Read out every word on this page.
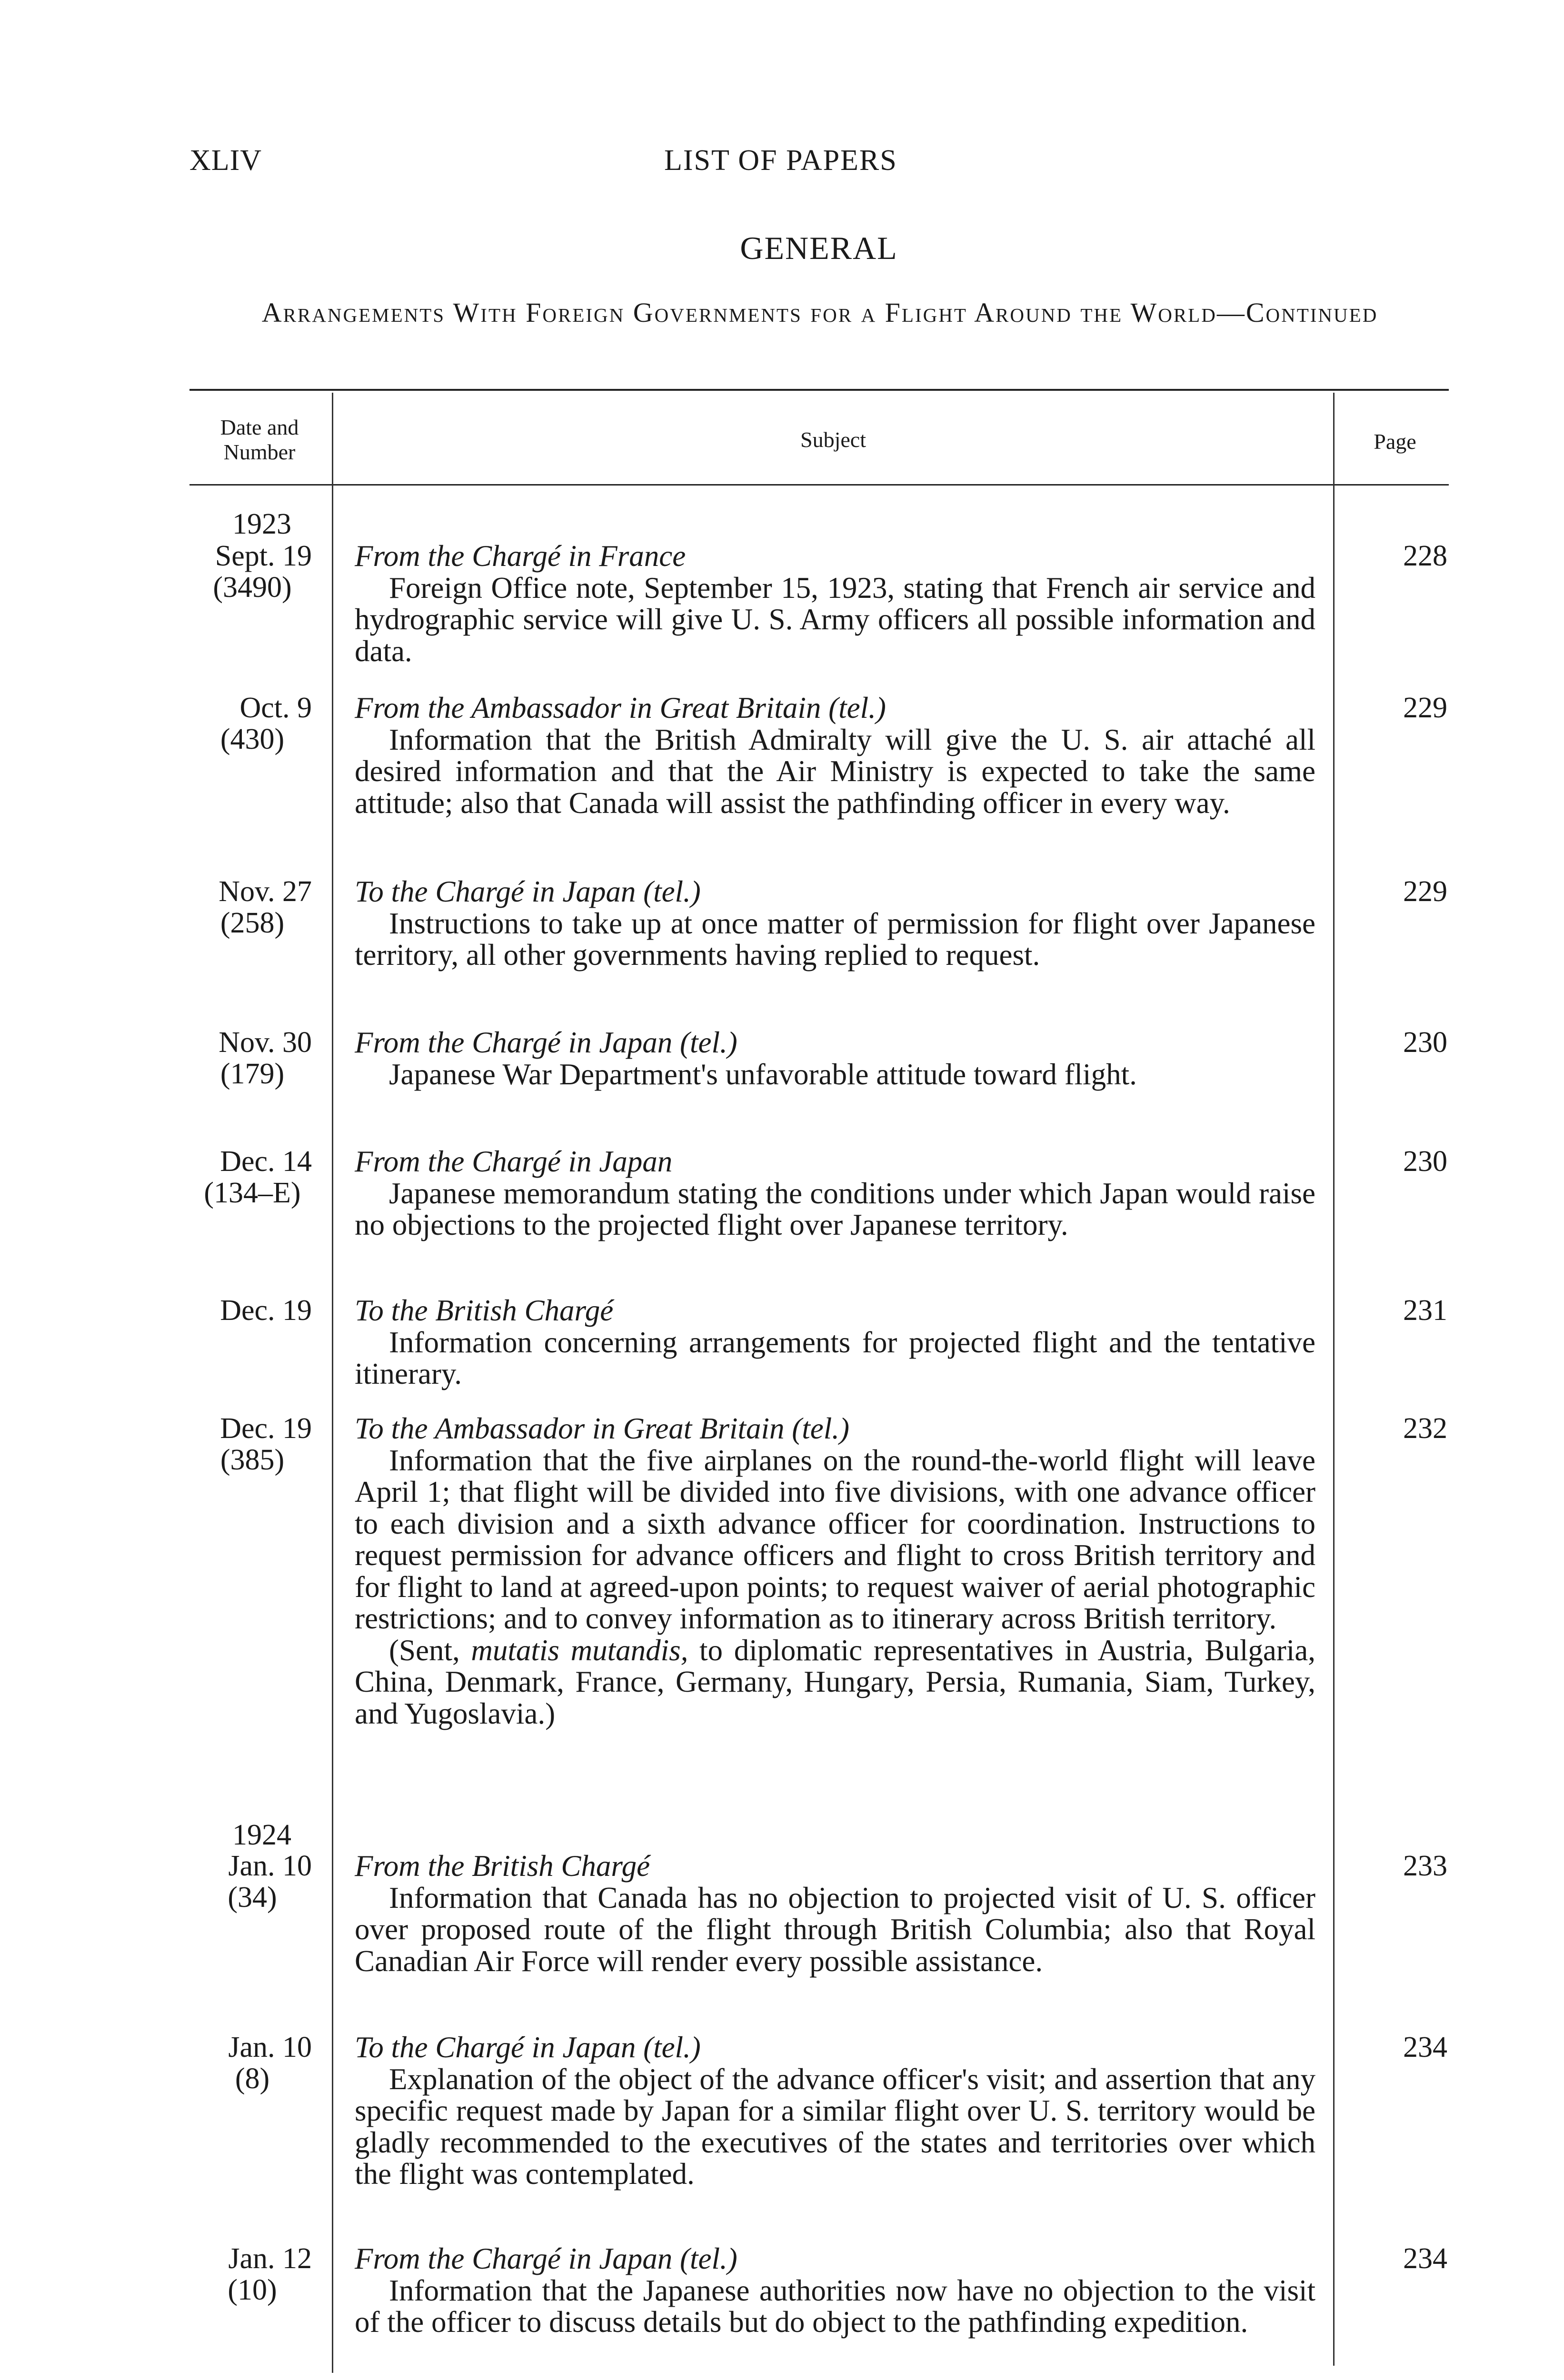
XLIV	LIST OF PAPERS
GENERAL
Arrangements With Foreign Governments for a Flight Around the World—Continued
Date and
Number
Subject	Page
1923
1924
Sept. 19
(3490)
From the Chargé in France
Foreign Office note, September 15, 1923, stating that French air service and hydrographic service will give U. S. Army officers all possible information and data.
228
Oct. 9
(430)
From the Ambassador in Great Britain (tel.)
Information that the British Admiralty will give the U. S. air attaché all desired information and that the Air Ministry is expected to take the same attitude; also that Canada will assist the pathfinding officer in every way.
229
Nov. 27
(258)
To the Chargé in Japan (tel.)
Instructions to take up at once matter of permission for flight over Japanese territory, all other governments having replied to request.
229
Nov. 30
(179)
From the Chargé in Japan (tel.)
Japanese War Department's unfavorable attitude toward flight.
230
Dec. 14
(134–E)
From the Chargé in Japan
Japanese memorandum stating the conditions under which Japan would raise no objections to the projected flight over Japanese territory.
230
Dec. 19 To the British Chargé
Information concerning arrangements for projected flight and the tentative itinerary.
231
Dec. 19
(385)
To the Ambassador in Great Britain (tel.)
Information that the five airplanes on the round-the-world flight will leave April 1; that flight will be divided into five divisions, with one advance officer to each division and a sixth advance officer for coordination. Instructions to request permission for advance officers and flight to cross British territory and for flight to land at agreed-upon points; to request waiver of aerial photographic restrictions; and to convey information as to itinerary across British territory.
(Sent, mutatis mutandis, to diplomatic representatives in Austria, Bulgaria, China, Denmark, France, Germany, Hungary, Persia, Rumania, Siam, Turkey, and Yugoslavia.)
232
Jan. 10
(34)
From the British Chargé
Information that Canada has no objection to projected visit of U. S. officer over proposed route of the flight through British Columbia; also that Royal Canadian Air Force will render every possible assistance.
233
Jan. 10
(8)
To the Chargé in Japan (tel.)
Explanation of the object of the advance officer's visit; and assertion that any specific request made by Japan for a similar flight over U. S. territory would be gladly recommended to the executives of the states and territories over which the flight was contemplated.
234
Jan. 12
(10)
From the Chargé in Japan (tel.)
Information that the Japanese authorities now have no objection to the visit of the officer to discuss details but do object to the pathfinding expedition.
234
